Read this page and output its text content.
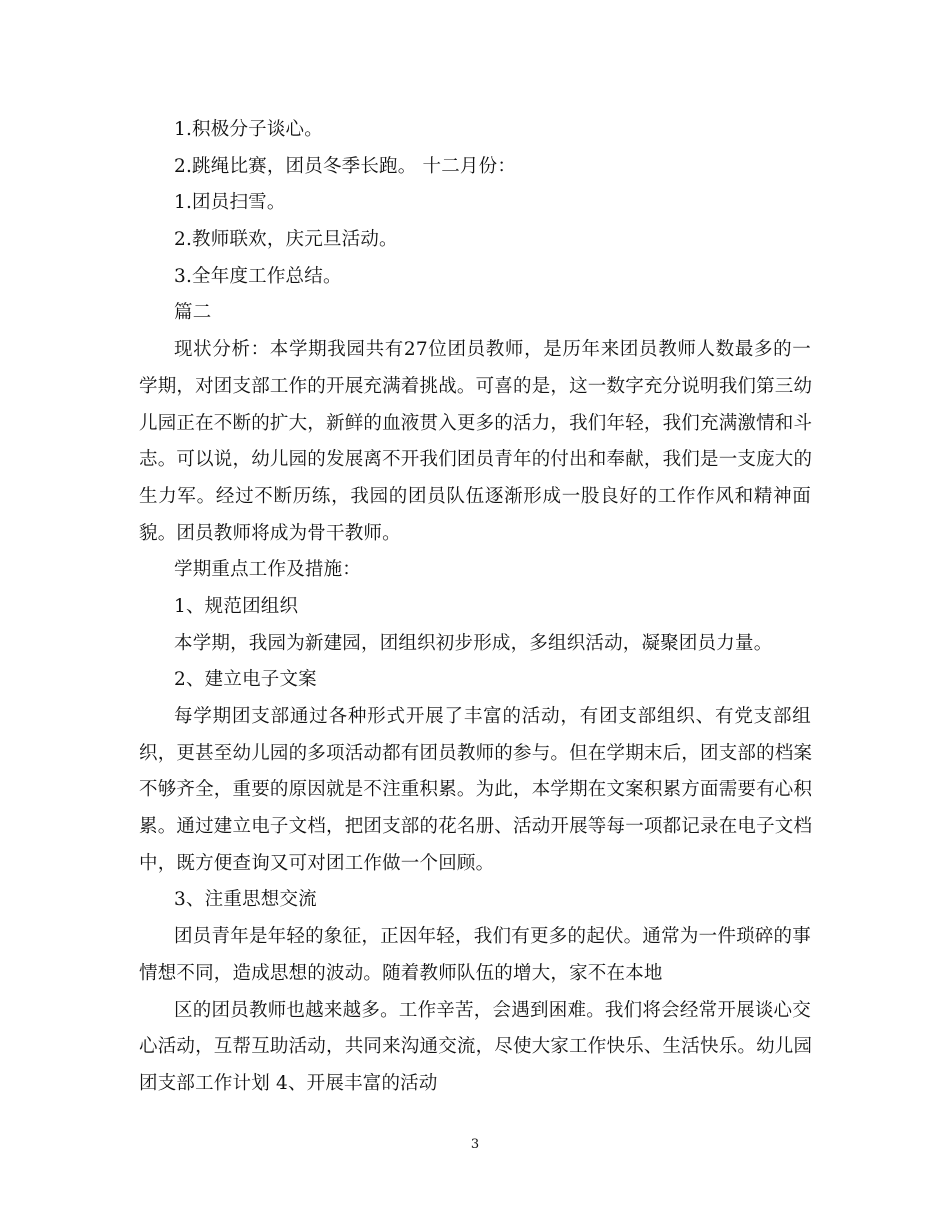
1.积极分子谈心。
2.跳绳比赛，团员冬季长跑。 十二月份：
1.团员扫雪。
2.教师联欢，庆元旦活动。
3.全年度工作总结。
篇二
现状分析：本学期我园共有27位团员教师，是历年来团员教师人数最多的一
学期，对团支部工作的开展充满着挑战。可喜的是，这一数字充分说明我们第三幼
儿园正在不断的扩大，新鲜的血液贯入更多的活力，我们年轻，我们充满激情和斗
志。可以说，幼儿园的发展离不开我们团员青年的付出和奉献，我们是一支庞大的
生力军。经过不断历练，我园的团员队伍逐渐形成一股良好的工作作风和精神面
貌。团员教师将成为骨干教师。
学期重点工作及措施：
1、规范团组织
本学期，我园为新建园，团组织初步形成，多组织活动，凝聚团员力量。
2、建立电子文案
每学期团支部通过各种形式开展了丰富的活动，有团支部组织、有党支部组
织，更甚至幼儿园的多项活动都有团员教师的参与。但在学期末后，团支部的档案
不够齐全，重要的原因就是不注重积累。为此，本学期在文案积累方面需要有心积
累。通过建立电子文档，把团支部的花名册、活动开展等每一项都记录在电子文档
中，既方便查询又可对团工作做一个回顾。
3、注重思想交流
团员青年是年轻的象征，正因年轻，我们有更多的起伏。通常为一件琐碎的事
情想不同，造成思想的波动。随着教师队伍的增大，家不在本地
区的团员教师也越来越多。工作辛苦，会遇到困难。我们将会经常开展谈心交
心活动，互帮互助活动，共同来沟通交流，尽使大家工作快乐、生活快乐。幼儿园
团支部工作计划 4、开展丰富的活动
3
